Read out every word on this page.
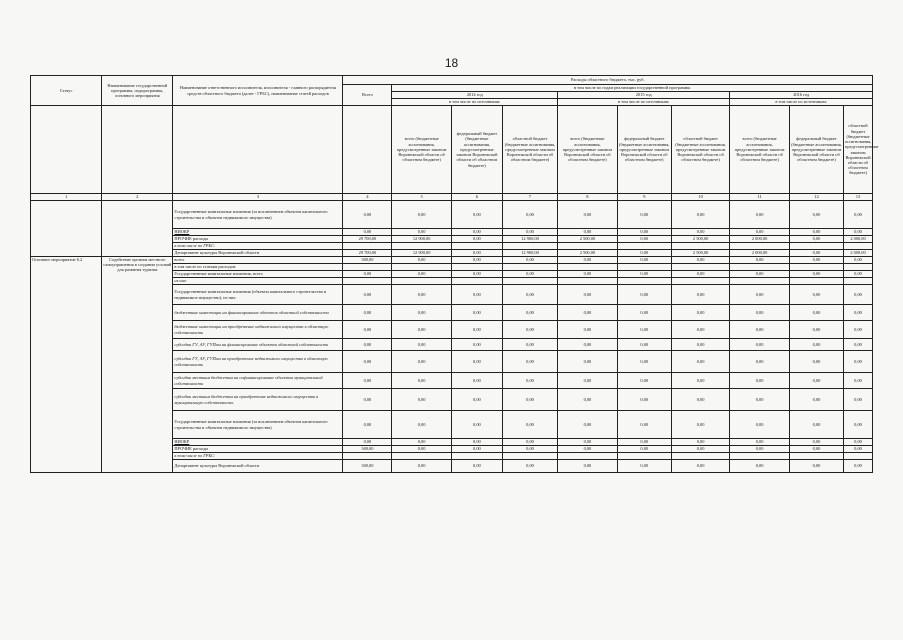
18
Статус	Наименование государственной программы, подпрограммы, основного мероприятия	Наименование ответственного исполнителя, исполнителя - главного распорядителя средств областного бюджета (далее - ГРБС), наименование статей расходов	Расходы областного бюджета, тыс. руб.									
			Всего	в том числе по годам реализации государственной программы								
				2014 год			2015 год			2016 год		
				в том числе по источникам:			в том числе по источникам:			в том числе по источникам:		
				всего (бюджетные ассигнования, предусмотренные законом Воронежской области об областном бюджете)	федеральный бюджет (бюджетные ассигнования, предусмотренные законом Воронежской области об областном бюджете)	областной бюджет (бюджетные ассигнования, предусмотренные законом Воронежской области об областном бюджете)	всего (бюджетные ассигнования, предусмотренные законом Воронежской области об областном бюджете)	федеральный бюджет (бюджетные ассигнования, предусмотренные законом Воронежской области об областном бюджете)	областной бюджет (бюджетные ассигнования, предусмотренные законом Воронежской области об областном бюджете)	всего (бюджетные ассигнования, предусмотренные законом Воронежской области об областном бюджете)	федеральный бюджет (бюджетные ассигнования, предусмотренные законом Воронежской области об областном бюджете)	областной бюджет (бюджетные ассигнования, предусмотренные законом Воронежской области об областном бюджете)
1	2	3	4	5	6	7	8	9	10	11	12	13
		Государственные капитальные вложения (за исключением объектов капитального строительства и объектов недвижимого имущества)	0,00	0,00	0,00	0,00	0,00	0,00	0,00	0,00	0,00	0,00
		НИОКР	0,00	0,00	0,00	0,00	0,00	0,00	0,00	0,00	0,00	0,00
		ПРОЧИЕ расходы	29 700,00	12 900,00	0,00	12 900,00	2 500,00	0,00	2 500,00	2 000,00	0,00	2 000,00
		в том числе по ГРБС:										
		Департамент культуры Воронежской области	29 700,00	12 900,00	0,00	12 900,00	2 500,00	0,00	2 500,00	2 000,00	0,00	2 000,00
Основное мероприятие 6.2	Содействие органам местного самоуправления в создании условий для развития туризма	всего	300,00	0,00	0,00	0,00	0,00	0,00	0,00	0,00	0,00	0,00
		в том числе по статьям расходов:										
		Государственные капитальные вложения, всего	0,00	0,00	0,00	0,00	0,00	0,00	0,00	0,00	0,00	0,00
		из них:										
		Государственные капитальные вложения (объекты капитального строительства и недвижимое имущество), из них:	0,00	0,00	0,00	0,00	0,00	0,00	0,00	0,00	0,00	0,00
		бюджетные инвестиции на финансирование объектов областной собственности	0,00	0,00	0,00	0,00	0,00	0,00	0,00	0,00	0,00	0,00
		бюджетные инвестиции на приобретение недвижимого имущества в областную собственность	0,00	0,00	0,00	0,00	0,00	0,00	0,00	0,00	0,00	0,00
		субсидии ГУ, АУ, ГУПам на финансирование объектов областной собственности	0,00	0,00	0,00	0,00	0,00	0,00	0,00	0,00	0,00	0,00
		субсидии ГУ, АУ, ГУПам на приобретение недвижимого имущества в областную собственность	0,00	0,00	0,00	0,00	0,00	0,00	0,00	0,00	0,00	0,00
		субсидии местным бюджетам на софинансирование объектов муниципальной собственности	0,00	0,00	0,00	0,00	0,00	0,00	0,00	0,00	0,00	0,00
		субсидии местным бюджетам на приобретение недвижимого имущества в муниципальную собственность	0,00	0,00	0,00	0,00	0,00	0,00	0,00	0,00	0,00	0,00
		Государственные капитальные вложения (за исключением объектов капитального строительства и объектов недвижимого имущества)	0,00	0,00	0,00	0,00	0,00	0,00	0,00	0,00	0,00	0,00
		НИОКР	0,00	0,00	0,00	0,00	0,00	0,00	0,00	0,00	0,00	0,00
		ПРОЧИЕ расходы	300,00	0,00	0,00	0,00	0,00	0,00	0,00	0,00	0,00	0,00
		в том числе по ГРБС:										
		Департамент культуры Воронежской области	300,00	0,00	0,00	0,00	0,00	0,00	0,00	0,00	0,00	0,00
